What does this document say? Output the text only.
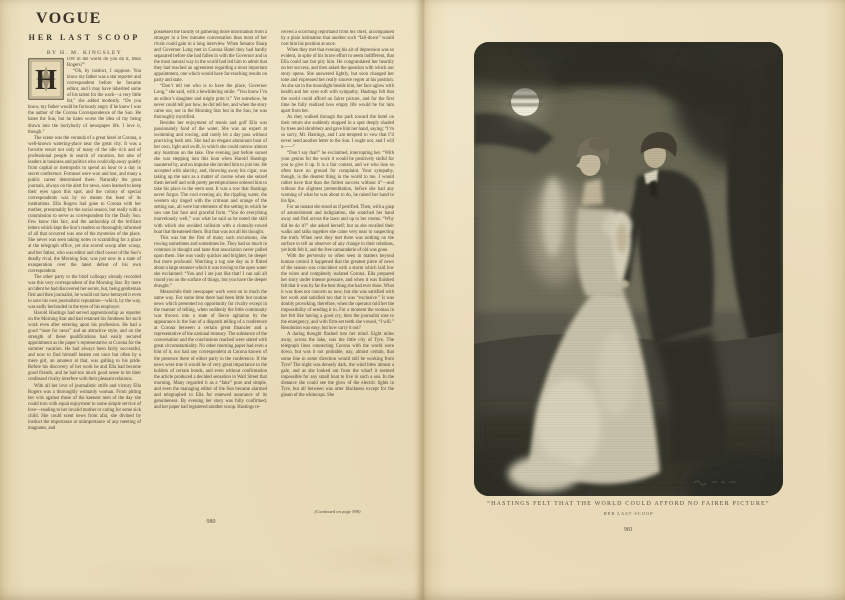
VOGUE
HER LAST SCOOP
BY H. M. KINGSLEY
H

OW in the world do you do it, Miss Rogers?”

“Oh, by instinct, I suppose. You know my father was a star reporter and correspondent before he became editor, and I may have inherited some of his talent for the work—a very little bit,” she added modestly. “Do you know, my father would be furiously angry if he knew I was the author of the Corona Correspondence of the Sun. He hates the Sun, but he hates worse the idea of my being drawn into the hurlyburly of newspaper life. I love it, though.”

The scene was the veranda of a great hotel at Corona, a well-known watering-place near the great city. It was a favorite resort not only of many of the idle rich and of professional people in search of vacation, but also of leaders in business and politics who could slip away quietly from capital or metropolis to spend an hour or a day in secret conference. Fortunes were won and lost, and many a public career determined there. Naturally the great journals, always on the alert for news, soon learned to keep their eyes upon this spot, and the colony of special correspondents was by no means the least of its institutions. Ella Rogers had gone to Corona with her mother, presumably for the social season, but really with a commission to serve as correspondent for the Daily Sun. Few knew this fact, and the authorship of the brilliant letters which kept the Sun’s readers so thoroughly informed of all that occurred was one of the mysteries of the place. She never was seen taking notes or scrambling for a place at the telegraph office, yet she scored scoop after scoop, and her father, who was editor and chief owner of the Sun’s deadly rival, the Morning Star, was just now in a state of exasperation over the latest defeat of his own correspondent.

The other party to the brief colloquy already recorded was this very correspondent of the Morning Star. By mere accident he had discovered her secret, but, being gentleman first and then journalist, he would not have betrayed it even to save his own journalistic reputation—which, by the way, was sadly beclouded in the eyes of his employer.

Harold Hastings had served apprenticeship as reporter on the Morning Star and had retained his fondness for such work even after entering upon his profession. He had a good “nose for news” and an attractive style, and on the strength of these qualifications had easily secured appointment as the paper’s representative at Corona for the summer vacation. He had always been fairly successful, and now to find himself beaten not once but often by a mere girl, an amateur at that, was galling to his pride. Before his discovery of her work he and Ella had become good friends, and he had too much good sense to let their confessed rivalry interfere with their pleasant relations.

With all her love of journalistic strife and victory Ella Rogers was a thoroughly womanly woman. From pitting her wits against those of the keenest men of the day she could turn with equal enjoyment to some simple service of love—reading to her invalid mother or caring for some sick child. She could scent news from afar, she divined by instinct the importance or unimportance of any meeting of magnates, and

possessed the faculty of gathering more information from a stranger in a few minutes conversation than most of her rivals could gain in a long interview. When Senator Sharp and Governor Long met in Corona Hotel they had hardly separated before she had fallen in with the Governor and in the most natural way in the world had led him to admit that they had reached an agreement regarding a most important appointment, one which would have far-reaching results on party and state.

“Don’t tell me who is to have the place, Governor Long,” she said, with a bewildering smile. “You know I’m an editor’s daughter and might print it.” Yet somehow, he never could tell just how, he did tell her, and when the story came out, not in the Morning Star but in the Sun, he was thoroughly mystified.

Besides her enjoyment of tennis and golf Ella was passionately fond of the water. She was an expert at swimming and rowing, and rarely let a day pass without practicing both arts. She had an elegant aluminum boat of her own, light and swift, in which she could outrow almost any boatman on the lake. One evening just before sunset she was stepping into this boat when Harold Hastings sauntered by, and on impulse she invited him to join her. He accepted with alacrity, and, throwing away his cigar, was taking up the oars as a matter of course when she seized them herself and with pretty peremptoriness ordered him to take his place in the stern seat. It was a row that Hastings never forgot. The cool evening air, the rippling water, the western sky tinged with the crimson and orange of the setting sun, all were but elements of the setting in which he saw one fair face and graceful form. “You do everything marvelously well,” was what he said as he noted the skill with which she avoided collision with a clumsily-rowed boat that threatened them. But that was not all his thought.

This was but the first of many such excursions, she rowing sometimes and sometimes he. They had so much in common in thought and taste that association never palled upon them. She was vastly quicker and brighter, he deeper but more profound. Watching a tug one day as it flitted about a large steamer which it was towing to the open water she exclaimed: “You and I are just like that! I can sail all round you on the surface of things, but you have the deeper draught.”

Meanwhile their newspaper work went on in much the same way. For some time there had been little but routine news which presented no opportunity for rivalry except in the manner of telling, when suddenly the little community was thrown into a state of fierce agitation by the appearance in the Sun of a dispatch telling of a conference at Corona between a certain great financier and a representative of the national treasury. The substance of the conversation and the conclusions reached were stated with great circumstantiality. No other morning paper had even a hint of it, nor had any correspondent at Corona known of the presence there of either party to the conference. If the news were true it would be of very great importance to the holders of certain bonds, and even without confirmation the article produced a decided sensation in Wall Street that morning. Many regarded it as a “fake” pure and simple, and even the managing editor of the Sun became alarmed and telegraphed to Ella for renewed assurance of its genuineness. By evening her story was fully confirmed, and her paper had registered another scoop. Hastings re-

ceived a scorching reprimand from his chief, accompanied by a plain intimation that another such “fall-down” would cost him his position at once.

When they met that evening his air of depression was so evident, in spite of his brave effort to seem indifferent, that Ella could not but pity him. He congratulated her heartily on her success, and then asked the question with which our story opens. She answered lightly, but soon changed her tone and expressed her really sincere regret at his position. As she sat in the moonlight beside him, her face aglow with health and her eyes soft with sympathy, Hastings felt that the world could afford no fairer picture, and for the first time he fully realized how empty life would be for him apart from her.

As they walked through the park toward the hotel on their return she suddenly stopped in a spot deeply shaded by trees and shrubbery and gave him her hand, saying: “I’m so sorry, Mr. Hastings, and I am tempted to vow that I’ll never send another letter to the Sun. I ought not, and I will n——”

“Don’t say that!” he exclaimed, interrupting her. “With your genius for the work it would be positively sinful for you to give it up. It is a fair contest, and we who lose so often have no ground for complaint. Your sympathy, though, is the dearest thing in the world to me. I would rather have that than the fullest success without it”—and without the slightest premeditation, before she had any warning of what he was about to do, he raised her hand to his lips.

For an instant she stood as if petrified. Then, with a gasp of astonishment and indignation, she snatched her hand away and fled across the lawn and up to her rooms. “Why did he do it?” she asked herself; but as she recalled their walks and talks together she came very near to suspecting the truth. When next they met there was nothing on the surface to tell an observer of any change in their relations, yet both felt it, and the free camaraderie of old was gone.

With the perversity so often seen in matters beyond human control it happened that the greatest piece of news of the season was coincident with a storm which laid low the wires and completely isolated Corona. Ella prepared her story under intense pressure, and when it was finished felt that it was by far the best thing she had ever done. What it was does not concern us now, but she was satisfied with her work and satisfied too that it was “exclusive.” It was doubly provoking, therefore, when the operator told her the impossibility of sending it in. For a moment the woman in her felt like having a good cry, then the journalist rose to the emergency, and with firm-set teeth she vowed, “I will.” Resolution was easy, but how carry it out?

A daring thought flashed into her mind. Eight miles away, across the lake, was the little city of Tyre. The telegraph lines connecting Corona with the world were down, but was it not probable, nay, almost certain, that some line in some direction would still be working from Tyre? The night was densely dark, the wind blew almost a gale, and as she looked out from the wharf it seemed impossible for any small boat to live in such a sea. In the distance she could see the glow of the electric lights in Tyre, but all between was utter blackness except for the gleam of the whitecaps. She

(Continued on page 998)
980
“HASTINGS FELT THAT THE WORLD COULD AFFORD NO FAIRER PICTURE”
HER LAST SCOOP
981
